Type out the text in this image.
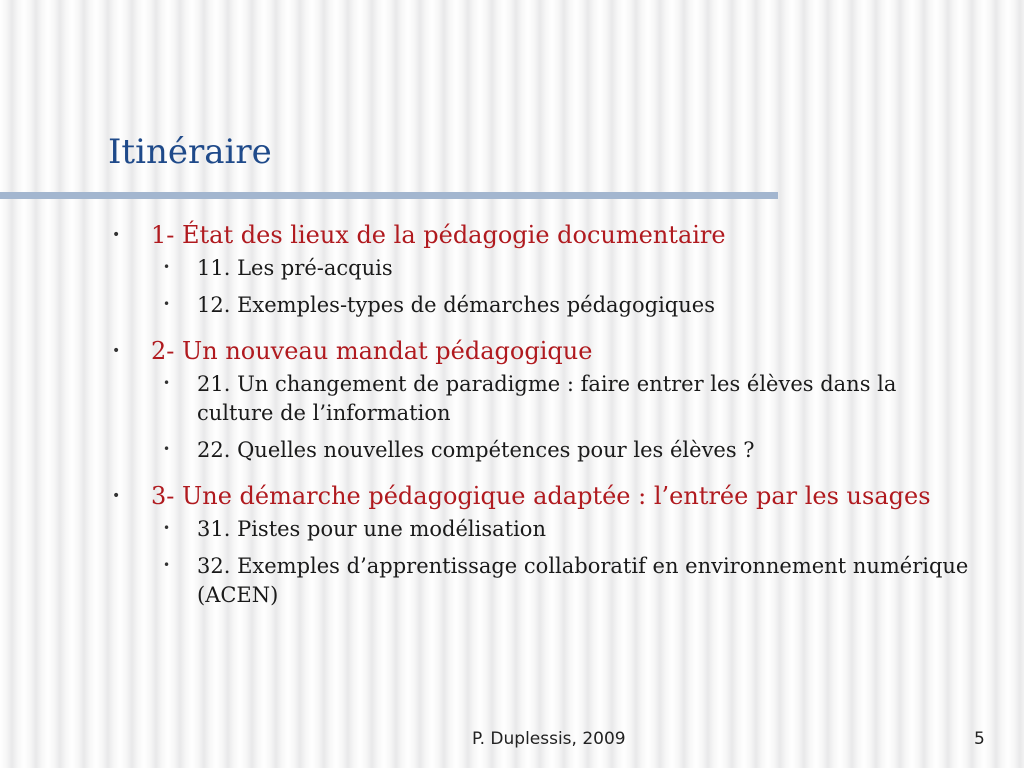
Itinéraire
• 1- État des lieux de la pédagogie documentaire
• 11. Les pré-acquis
• 12. Exemples-types de démarches pédagogiques
• 2- Un nouveau mandat pédagogique
• 21. Un changement de paradigme : faire entrer les élèves dans la culture de l’information
• 22. Quelles nouvelles compétences pour les élèves ?
• 3- Une démarche pédagogique adaptée : l’entrée par les usages
• 31. Pistes pour une modélisation
• 32. Exemples d’apprentissage collaboratif en environnement numérique (ACEN)
P. Duplessis, 2009	5
